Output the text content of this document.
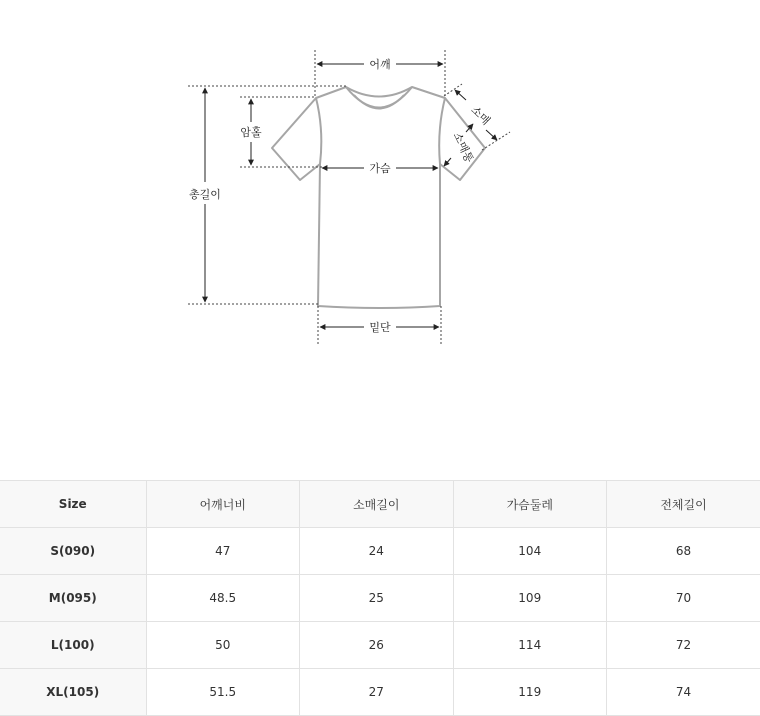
어깨
암홀
총길이
가슴
밑단
소매
소매통
Size	어깨너비	소매길이	가슴둘레	전체길이
S(090)	47	24	104	68
M(095)	48.5	25	109	70
L(100)	50	26	114	72
XL(105)	51.5	27	119	74
